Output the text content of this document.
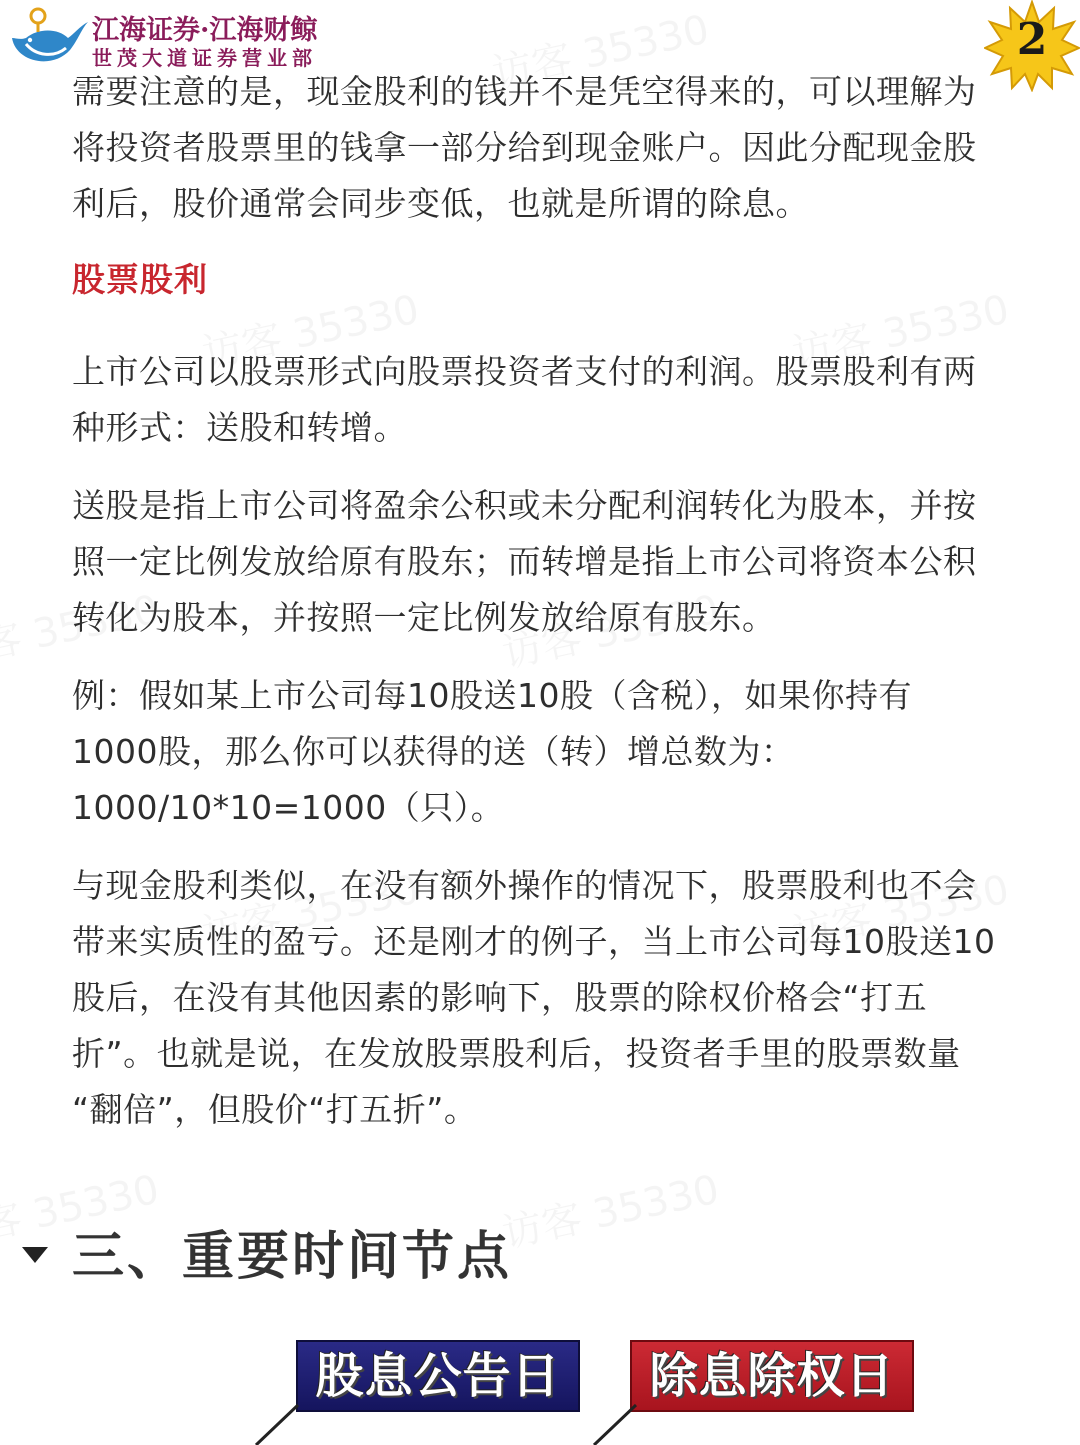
江海证券·江海财鲸
世茂大道证券营业部	2
需要注意的是，现金股利的钱并不是凭空得来的，可以理解为
将投资者股票里的钱拿一部分给到现金账户。因此分配现金股
利后，股价通常会同步变低，也就是所谓的除息。
股票股利
上市公司以股票形式向股票投资者支付的利润。股票股利有两
种形式：送股和转增。
送股是指上市公司将盈余公积或未分配利润转化为股本，并按
照一定比例发放给原有股东；而转增是指上市公司将资本公积
转化为股本，并按照一定比例发放给原有股东。
例：假如某上市公司每10股送10股（含税），如果你持有
1000股，那么你可以获得的送（转）增总数为：
1000/10*10=1000（只）。
与现金股利类似，在没有额外操作的情况下，股票股利也不会
带来实质性的盈亏。还是刚才的例子，当上市公司每10股送10
股后，在没有其他因素的影响下，股票的除权价格会“打五
折”。也就是说，在发放股票股利后，投资者手里的股票数量
“翻倍”，但股价“打五折”。
三、重要时间节点
股息公告日	除息除权日
